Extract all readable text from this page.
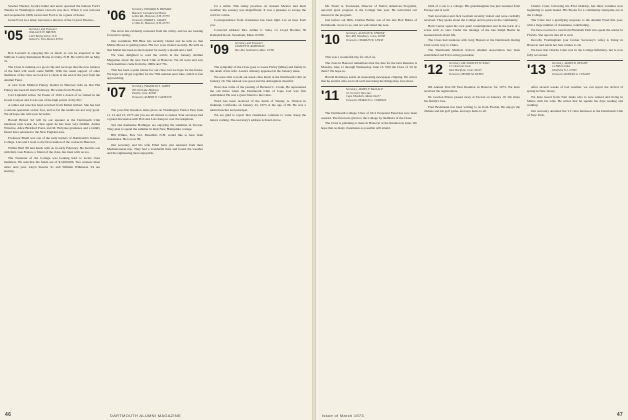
Stoeber Theatre, Grant's father and uncle operated the famous Ford's Theatre in Washington where Lincoln was shot. When it was restored and reopened in 1968, Grant sent Ford to be a guest of honor.

Grant Ford, in a letter, has been a director of the Crystal Theatre...

'05 Secretary and Treasurer
WALLACE H. BROWN
1410 Wesley Drive, N.E.
Santa Fe, New Mexico 87501

Bob Leonard is enjoying life as much as can be expected at the Sullivan County Retirement Home in Unity, N.H. He will be 90 on May 31.

The Class is running at a good clip and we hope that the new balance of the fund will reach some $2000. With the usual support of other members of the class we look for a check at the end of the year from the Alumni Fund.

A card from Mildred Putney mailed in Hanover tells us that Hal Putney has been ill since February. He writes from Florida.

Carl Liljedahl writes 'At Easter of 1919 a dozen of us visited in the Grand Canyon and it was one of the high points of my life.'

A rather sad note has been received from Mabel Gilbert. She has had a serious operation on her foot, and so far the results are not very good. We all hope she will soon be better.

Harold Bristol '42 will be our speaker at the Dartmouth Club luncheon next week. As class agent he has been very faithful. Arthur Winslow, Alice Bickford Pond, and M. Holyoke graduates and a family friend have returned to the New England area.

Professor Bisell was one of the early leaders of Dartmouth's Science College. Lisa and I went to the first reunion of the course in Hanover.

Wilbur Bull '09 had lunch with us in early February. He had his son with him. Gus Fenton, a friend of the class, has been with us too.

The Treasurer of the College was looking hard to locate class members. He said that the funds are of $1,000,000. Two trustees must retire next year. Lloyd Stearns '21 and William Wilkinson '24 are leaving.

'06 Secretary, EDWARD B. BEEMAN
Hanover Convalescent Home
Lebbe Rd., Hanover, N.H. 03755
Treasurer, HARRY L. GRANT
11 Mix St., Hanover, N.H. 03755

The snow has evidently retreated from the valley, and we are looking forward to spring.

Our roommate Bill Blue has recently visited and he tells us that Mable Moore is getting better. His two sons visited recently. He tells us that Mabel has been in the hospital for nearly a month and a half.

We were delighted to read the article in the January Alumni Magazine about the new Tuck Club at Hanover. We all went and saw Tuck members came from the 1960s and '70s.

This has been a quiet winter for our class, but we hope for the future. We hope we all get together for the 70th reunion next June, which is fast approaching.

'07 Secretary, FRANKLIN S. JAMES
995 Old Lake Highway
Pueblo, Colo. 81008
Treasurer, ALBERT P. CALHOUN

The post-War Reunion takes place on Washington Patriot Pass June 11, 12 and 13, 1973 and you are all invited to attend. Your secretary had a grand discussion with Bob and Lois Kenyon over the telephone.

Ted and Katherine Bollinger are enjoying the sunshine in Tucson. They plan to spend the summer in their New Hampshire cottage.

Bill Wilkes, Box 512, Meredith, N.H. would like to hear from classmates. He is now 89.

Our secretary and his wife Ethel have just returned from their Mediterranean trip. They had a wonderful time and found the weather and the sightseeing most enjoyable.

for a while. This sunny province on western Mexico had ideal weather; the scenery was magnificent. It was a pleasure to escape the cold for a time.

Correspondence from classmates has been light. Let us hear from you.

Corrected address: Mrs. Arthur C. Saba, c/o Lloyd Brother, 30 Ramsdell Road, Stoneham, Mass. 02180.

'09 Secretary and Treasurer
STANLEY B. ROBINSON
Box 492, Southwick, Mass. 01760

The sympathy of the Class goes to Laura Farley (Mike) and family in the death of his wife. Laura's obituary appeared in the January issue.

We were able to hold our usual class lunch at the Dartmouth Club on January 10. The turnout was good and the atmosphere cheerful.

News has come of the passing of Bernard C. Cronk. He represented the old times when the Dartmouth Club of Cape Cod was first established. He was a great friend to the Class.

Word has been received of the death of Wesley A. Watson in Oakland, California on January 22, 1973 at the age of 86. He was a retired teacher and principal.

We are glad to report that classmates continue to write. Keep the letters coming. The secretary's address is listed above.

46	DARTMOUTH ALUMNI MAGAZINE

Mr. Stuart A. Townsend, Director of Native American Programs, reported great progress at the College this year. He welcomed our interest in the program.

Just before our 60th, Charles Butler, son of the late Bob Butler of Dartmouth, wrote to us, and we welcomed the note.

'10 Secretary, ALLISON W. THAYER
Box 468, Woodbury, Conn. 06798
Treasurer, CHARLES W. LEWIS

This was a wonderful trip for all of us.

The class in Hanover remembers that the date for the next Reunion is Monday, June 11 through Wednesday, June 13. Will the Class of '10 be there? We hope so.

Harold Robinson sends an interesting newspaper clipping. He writes that he and his wife are both well and doing the things they love most.

'11 Secretary, JAMES P. WALLACE
10 Crescent View Ave.
Cape Elizabeth, Maine 04107
Treasurer, HORACE G. CORNELL

The Dartmouth College Class of 1911 Perpetual Fund has now been assured. The fund was given to the College by members of the Class.

The Class is planning to meet in Hanover at the Reunion in June. We hope that as many classmates as possible will attend.

birth of a son to a college. His granddaughter has just returned from Europe and is well.

Tom Grosvenor and Jack Gorham recently visited and were cordially received. They spoke about the College and its place in the community.

Herb Cantor spent his own quiet contemplation and in the back of a scene such as ours. Under the tutelage of the late Ralph Beebe he learned much about life.

The Class had reunions with Jerry Benard at the Dartmouth Outing Club on his way to China.

The Dartmouth Medical School Alumni Association has been established and Ed is acting president.

'12 Secretary, DR. STANLEY W. WILD
15 Glencourt Lane
West Hartford, Conn. 06107
Treasurer, HENRY M. KEYES

8th Annual Post-'09 Year Reunion in Hanover for 1973. We have received the registrations.

Dr. Gordon Prince passed away at Tucson on January 19. We share his family's loss.

Fred Beckmann has been writing to us from Florida. He enjoys the climate and his golf game, and says hello to all.

Charlie Cann, following his 83rd birthday, has three volumes now beginning to seem bound. His Books for a community enterprise are at the College.

The Class had a gratifying response to the Alumni Fund this year, with a large number of classmates contributing.

We have received a card from Elizabeth Park who spent the winter in Florida. She reports that all is well.

Dorothy Frothingham (our former Secretary's wife) is living in Hanover and sends her best wishes to all.

We hear that Charlie Cann was in the College Infirmary, but is now fully recovered.

'13 Secretary, JAMES B. WEIGHT
14 Hillcrest Rd.
Westfield, N.J. 07090
Treasurer, ROBERT A. CONANT

After several weeks of bad weather, we can report the arrival of spring in New Jersey.

We have heard from Tom Jenks who is now retired and living in Maine with his wife. He writes that he spends his days reading and walking.

Our secretary attended the '13 class luncheon at the Dartmouth Club of New York.

Issue of March 1973	47
